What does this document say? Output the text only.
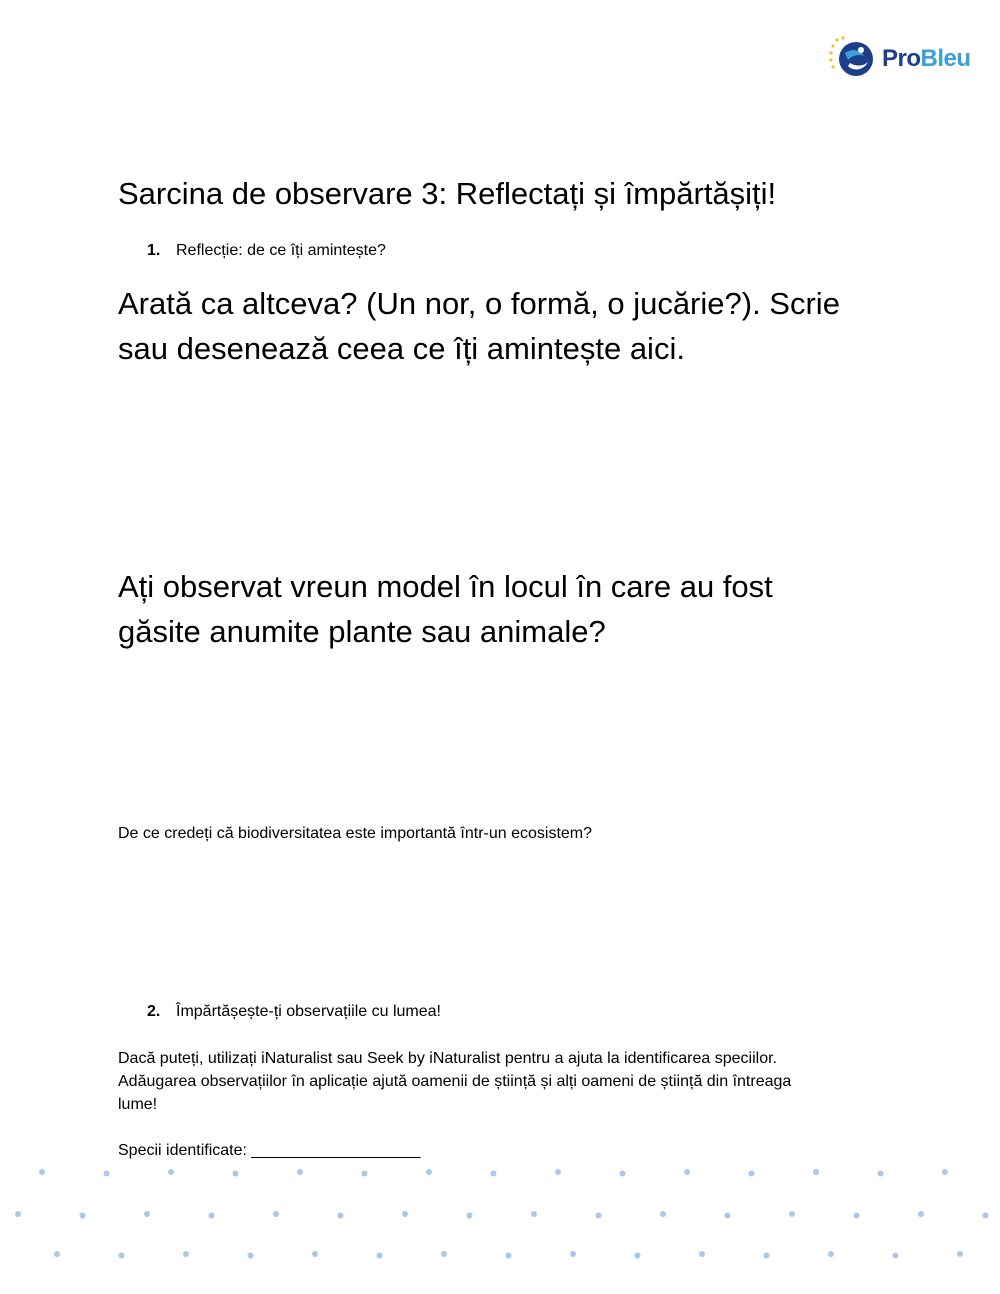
ProBleu
Sarcina de observare 3: Reflectați și împărtășiți!
1. Reflecție: de ce îți amintește?
Arată ca altceva? (Un nor, o formă, o jucărie?). Scrie
sau desenează ceea ce îți amintește aici.
Ați observat vreun model în locul în care au fost
găsite anumite plante sau animale?
De ce credeți că biodiversitatea este importantă într-un ecosistem?
2. Împărtășește-ți observațiile cu lumea!
Dacă puteți, utilizați iNaturalist sau Seek by iNaturalist pentru a ajuta la identificarea speciilor.
Adăugarea observațiilor în aplicație ajută oamenii de știință și alți oameni de știință din întreaga
lume!
Specii identificate: ___________________
